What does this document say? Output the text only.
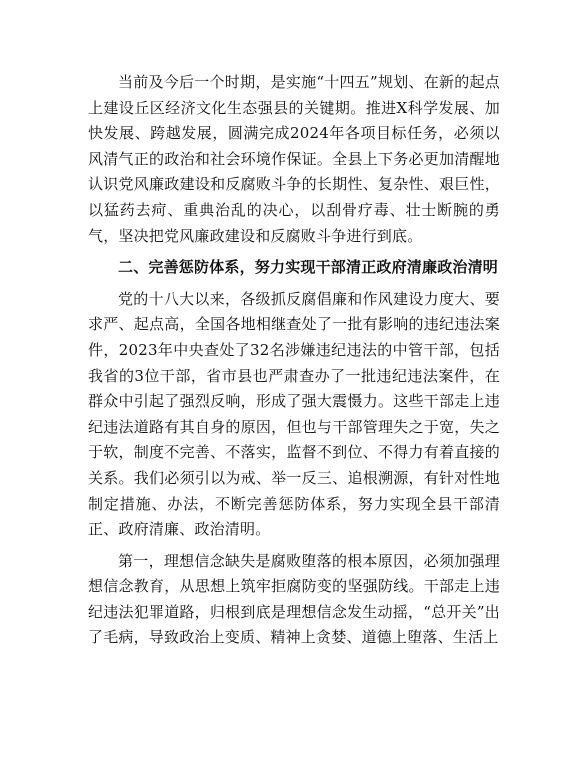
当前及今后一个时期，是实施“十四五”规划、在新的起点上建设丘区经济文化生态强县的关键期。推进X科学发展、加快发展、跨越发展，圆满完成2024年各项目标任务，必须以风清气正的政治和社会环境作保证。全县上下务必更加清醒地认识党风廉政建设和反腐败斗争的长期性、复杂性、艰巨性，以猛药去疴、重典治乱的决心，以刮骨疗毒、壮士断腕的勇气，坚决把党风廉政建设和反腐败斗争进行到底。

二、完善惩防体系，努力实现干部清正政府清廉政治清明

党的十八大以来，各级抓反腐倡廉和作风建设力度大、要求严、起点高，全国各地相继查处了一批有影响的违纪违法案件，2023年中央查处了32名涉嫌违纪违法的中管干部，包括我省的3位干部，省市县也严肃查办了一批违纪违法案件，在群众中引起了强烈反响，形成了强大震慑力。这些干部走上违纪违法道路有其自身的原因，但也与干部管理失之于宽，失之于软，制度不完善、不落实，监督不到位、不得力有着直接的关系。我们必须引以为戒、举一反三、追根溯源，有针对性地制定措施、办法，不断完善惩防体系，努力实现全县干部清正、政府清廉、政治清明。

第一，理想信念缺失是腐败堕落的根本原因，必须加强理想信念教育，从思想上筑牢拒腐防变的坚强防线。干部走上违纪违法犯罪道路，归根到底是理想信念发生动摇，“总开关”出了毛病，导致政治上变质、精神上贪婪、道德上堕落、生活上
